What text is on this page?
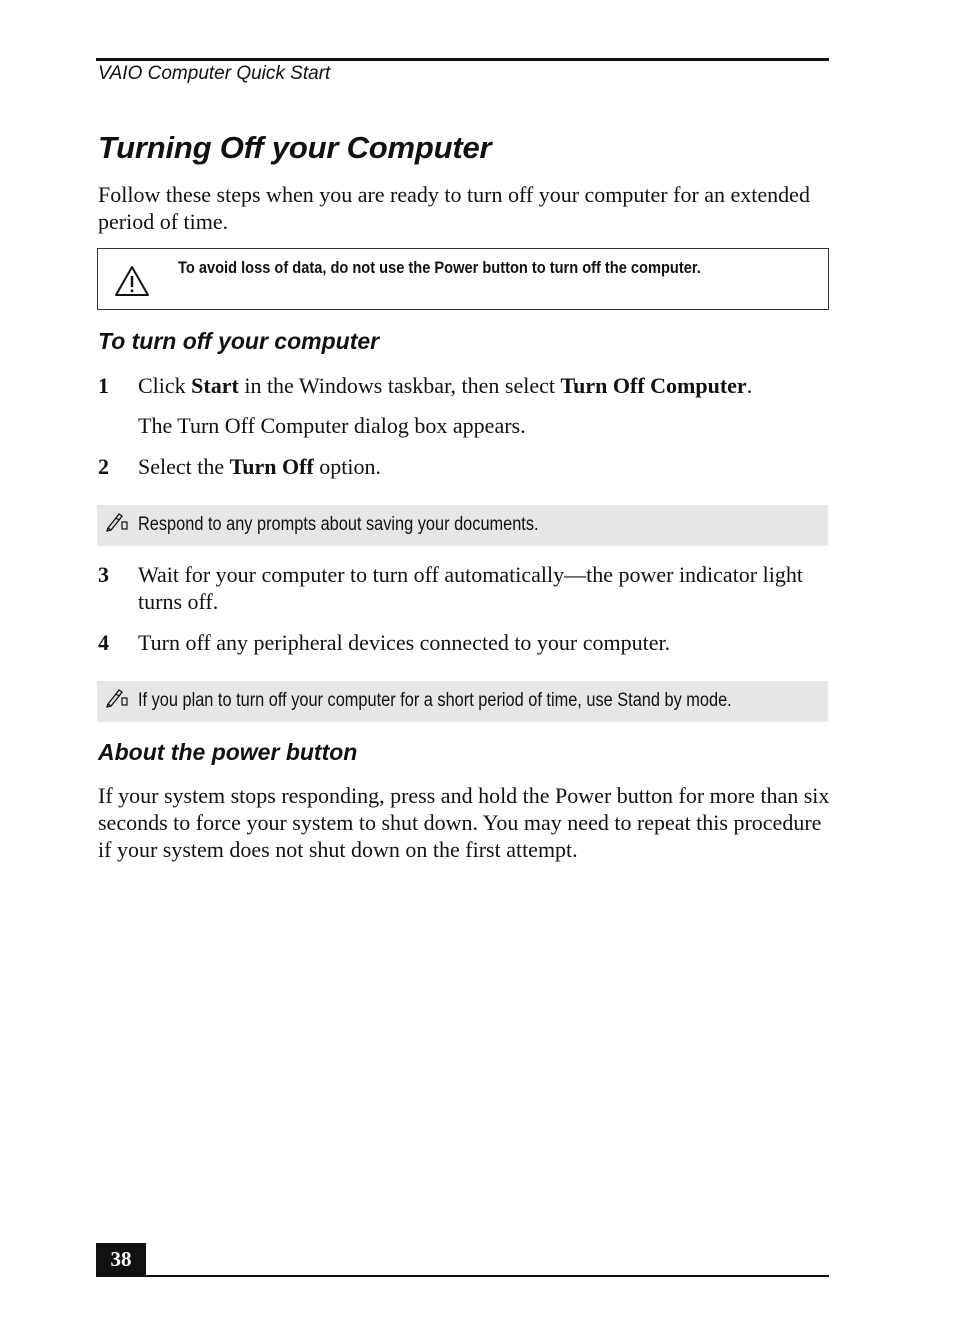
VAIO Computer Quick Start
Turning Off your Computer

Follow these steps when you are ready to turn off your computer for an extended period of time.

To avoid loss of data, do not use the Power button to turn off the computer.
To turn off your computer
1 Click Start in the Windows taskbar, then select Turn Off Computer.
The Turn Off Computer dialog box appears.
2 Select the Turn Off option.
Respond to any prompts about saving your documents.
3 Wait for your computer to turn off automatically—the power indicator light turns off.
4 Turn off any peripheral devices connected to your computer.
If you plan to turn off your computer for a short period of time, use Stand by mode.
About the power button

If your system stops responding, press and hold the Power button for more than six seconds to force your system to shut down. You may need to repeat this procedure if your system does not shut down on the first attempt.

38
